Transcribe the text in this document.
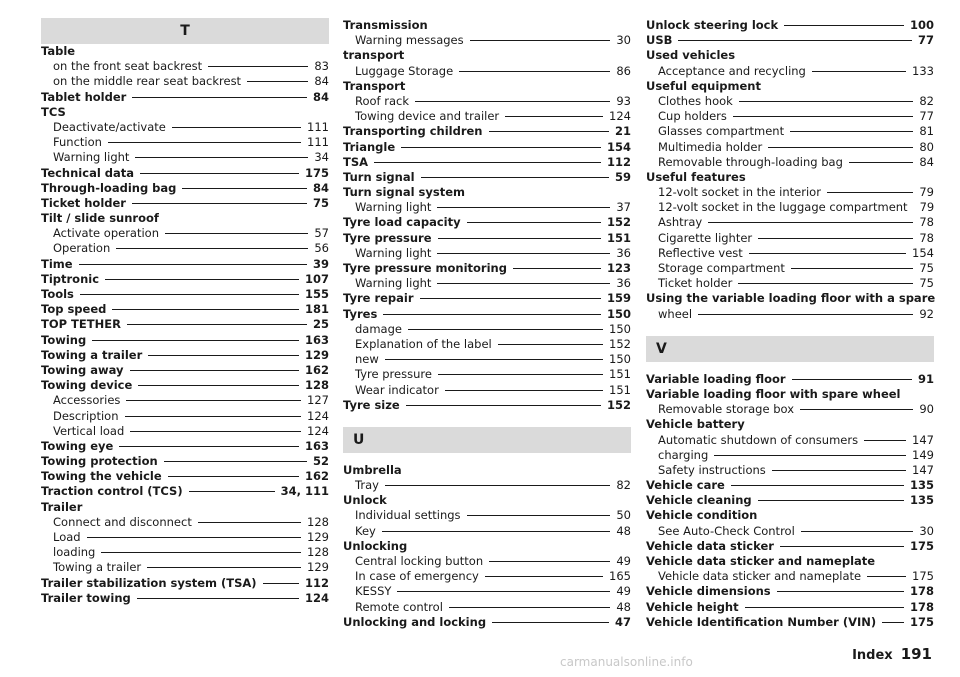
T
Table
on the front seat backrest	83
on the middle rear seat backrest	84
Tablet holder	84
TCS
Deactivate/activate	111
Function	111
Warning light	34
Technical data	175
Through-loading bag	84
Ticket holder	75
Tilt / slide sunroof
Activate operation	57
Operation	56
Time	39
Tiptronic	107
Tools	155
Top speed	181
TOP TETHER	25
Towing	163
Towing a trailer	129
Towing away	162
Towing device	128
Accessories	127
Description	124
Vertical load	124
Towing eye	163
Towing protection	52
Towing the vehicle	162
Traction control (TCS)	34, 111
Trailer
Connect and disconnect	128
Load	129
loading	128
Towing a trailer	129
Trailer stabilization system (TSA)	112
Trailer towing	124
Transmission
Warning messages	30
transport
Luggage Storage	86
Transport
Roof rack	93
Towing device and trailer	124
Transporting children	21
Triangle	154
TSA	112
Turn signal	59
Turn signal system
Warning light	37
Tyre load capacity	152
Tyre pressure	151
Warning light	36
Tyre pressure monitoring	123
Warning light	36
Tyre repair	159
Tyres	150
damage	150
Explanation of the label	152
new	150
Tyre pressure	151
Wear indicator	151
Tyre size	152
U
Umbrella
Tray	82
Unlock
Individual settings	50
Key	48
Unlocking
Central locking button	49
In case of emergency	165
KESSY	49
Remote control	48
Unlocking and locking	47
Unlock steering lock	100
USB	77
Used vehicles
Acceptance and recycling	133
Useful equipment
Clothes hook	82
Cup holders	77
Glasses compartment	81
Multimedia holder	80
Removable through-loading bag	84
Useful features
12-volt socket in the interior	79
12-volt socket in the luggage compartment 79
Ashtray	78
Cigarette lighter	78
Reflective vest	154
Storage compartment	75
Ticket holder	75
Using the variable loading floor with a spare
wheel	92
V
Variable loading floor	91
Variable loading floor with spare wheel
Removable storage box	90
Vehicle battery
Automatic shutdown of consumers	147
charging	149
Safety instructions	147
Vehicle care	135
Vehicle cleaning	135
Vehicle condition
See Auto-Check Control	30
Vehicle data sticker	175
Vehicle data sticker and nameplate
Vehicle data sticker and nameplate	175
Vehicle dimensions	178
Vehicle height	178
Vehicle Identification Number (VIN)	175
Index 191
carmanualsonline.info
